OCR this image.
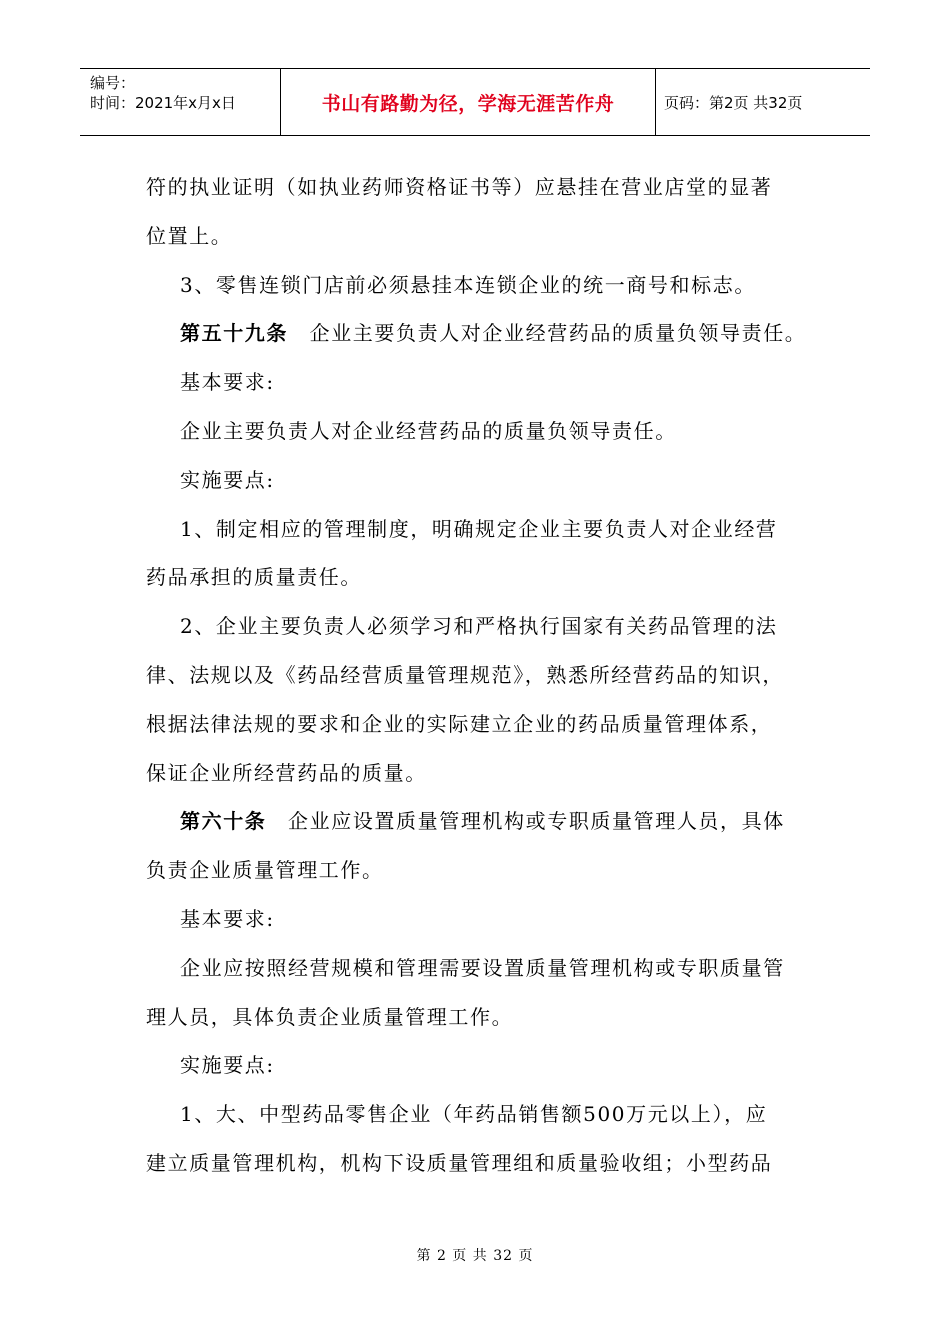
编号：
时间：2021年x月x日	书山有路勤为径，学海无涯苦作舟	页码：第2页 共32页

符的执业证明（如执业药师资格证书等）应悬挂在营业店堂的显著

位置上。

3、零售连锁门店前必须悬挂本连锁企业的统一商号和标志。

第五十九条　 企业主要负责人对企业经营药品的质量负领导责任。

基本要求:

企业主要负责人对企业经营药品的质量负领导责任。

实施要点:

1、制定相应的管理制度，明确规定企业主要负责人对企业经营

药品承担的质量责任。

2、企业主要负责人必须学习和严格执行国家有关药品管理的法

律、法规以及《药品经营质量管理规范》，熟悉所经营药品的知识，

根据法律法规的要求和企业的实际建立企业的药品质量管理体系，

保证企业所经营药品的质量。

第六十条　 企业应设置质量管理机构或专职质量管理人员，具体

负责企业质量管理工作。

基本要求:

企业应按照经营规模和管理需要设置质量管理机构或专职质量管

理人员，具体负责企业质量管理工作。

实施要点:

1、大、中型药品零售企业（年药品销售额500万元以上），应

建立质量管理机构，机构下设质量管理组和质量验收组；小型药品

第 2 页 共 32 页
